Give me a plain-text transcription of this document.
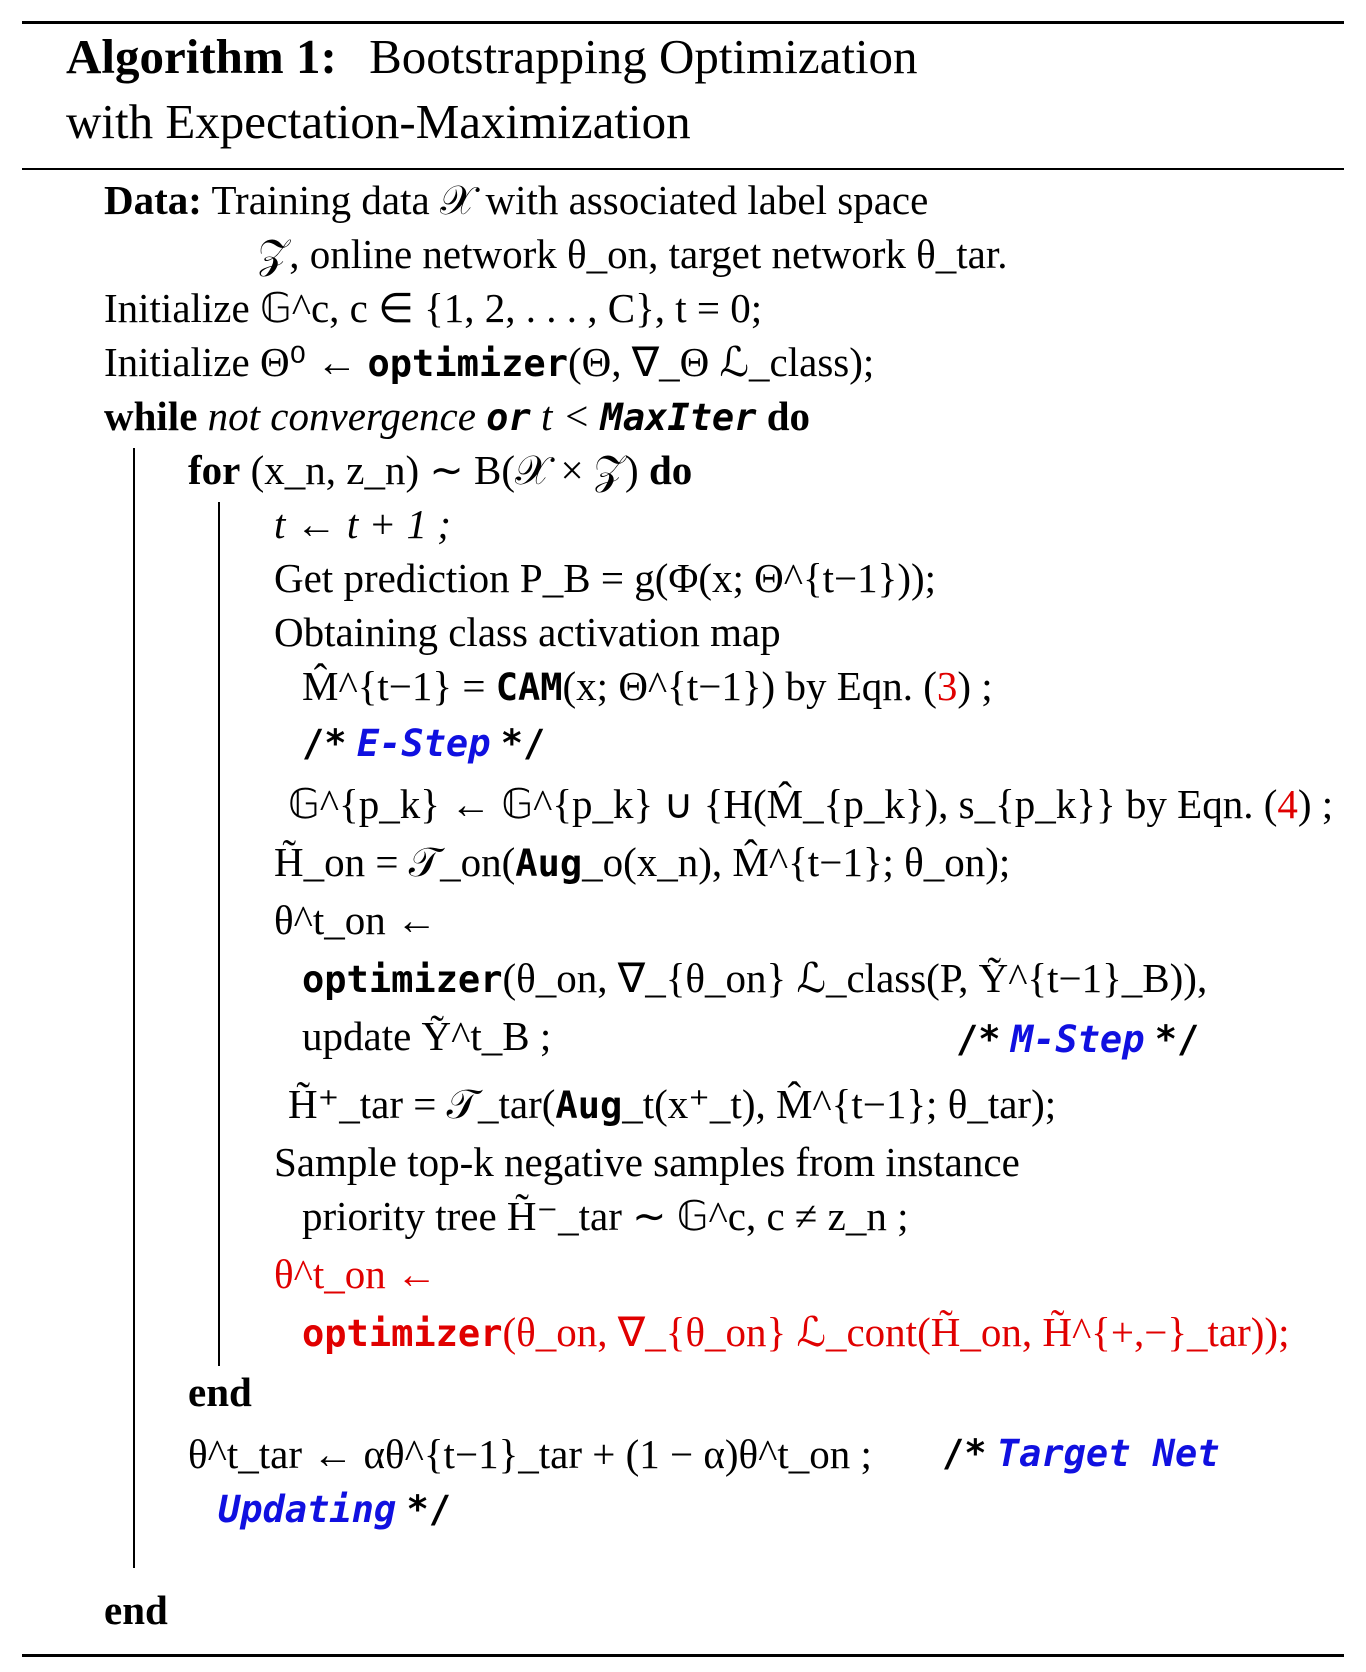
Algorithm 1: Bootstrapping Optimization
with Expectation-Maximization
Data: Training data 𝒳 with associated label space
𝒵, online network θ_on, target network θ_tar.
Initialize 𝔾^c, c ∈ {1, 2, . . . , C}, t = 0;
Initialize Θ⁰ ← optimizer(Θ, ∇_Θ ℒ_class);
while not convergence or t < MaxIter do
for (x_n, z_n) ∼ B(𝒳 × 𝒵) do
t ← t + 1 ;
Get prediction P_B = g(Φ(x; Θ^{t−1}));
Obtaining class activation map
M̂^{t−1} = CAM(x; Θ^{t−1}) by Eqn. (3) ;
/* E-Step */
𝔾^{p_k} ← 𝔾^{p_k} ∪ {H(M̂_{p_k}), s_{p_k}} by Eqn. (4) ;
H̃_on = 𝒯_on(Aug_o(x_n), M̂^{t−1}; θ_on);
θ^t_on ←
optimizer(θ_on, ∇_{θ_on} ℒ_class(P, Ỹ^{t−1}_B)),
update Ỹ^t_B ;	/* M-Step */
H̃⁺_tar = 𝒯_tar(Aug_t(x⁺_t), M̂^{t−1}; θ_tar);
Sample top-k negative samples from instance
priority tree H̃⁻_tar ∼ 𝔾^c, c ≠ z_n ;
θ^t_on ←
optimizer(θ_on, ∇_{θ_on} ℒ_cont(H̃_on, H̃^{+,−}_tar));
end
θ^t_tar ← αθ^{t−1}_tar + (1 − α)θ^t_on ; /* Target Net
Updating */
end
